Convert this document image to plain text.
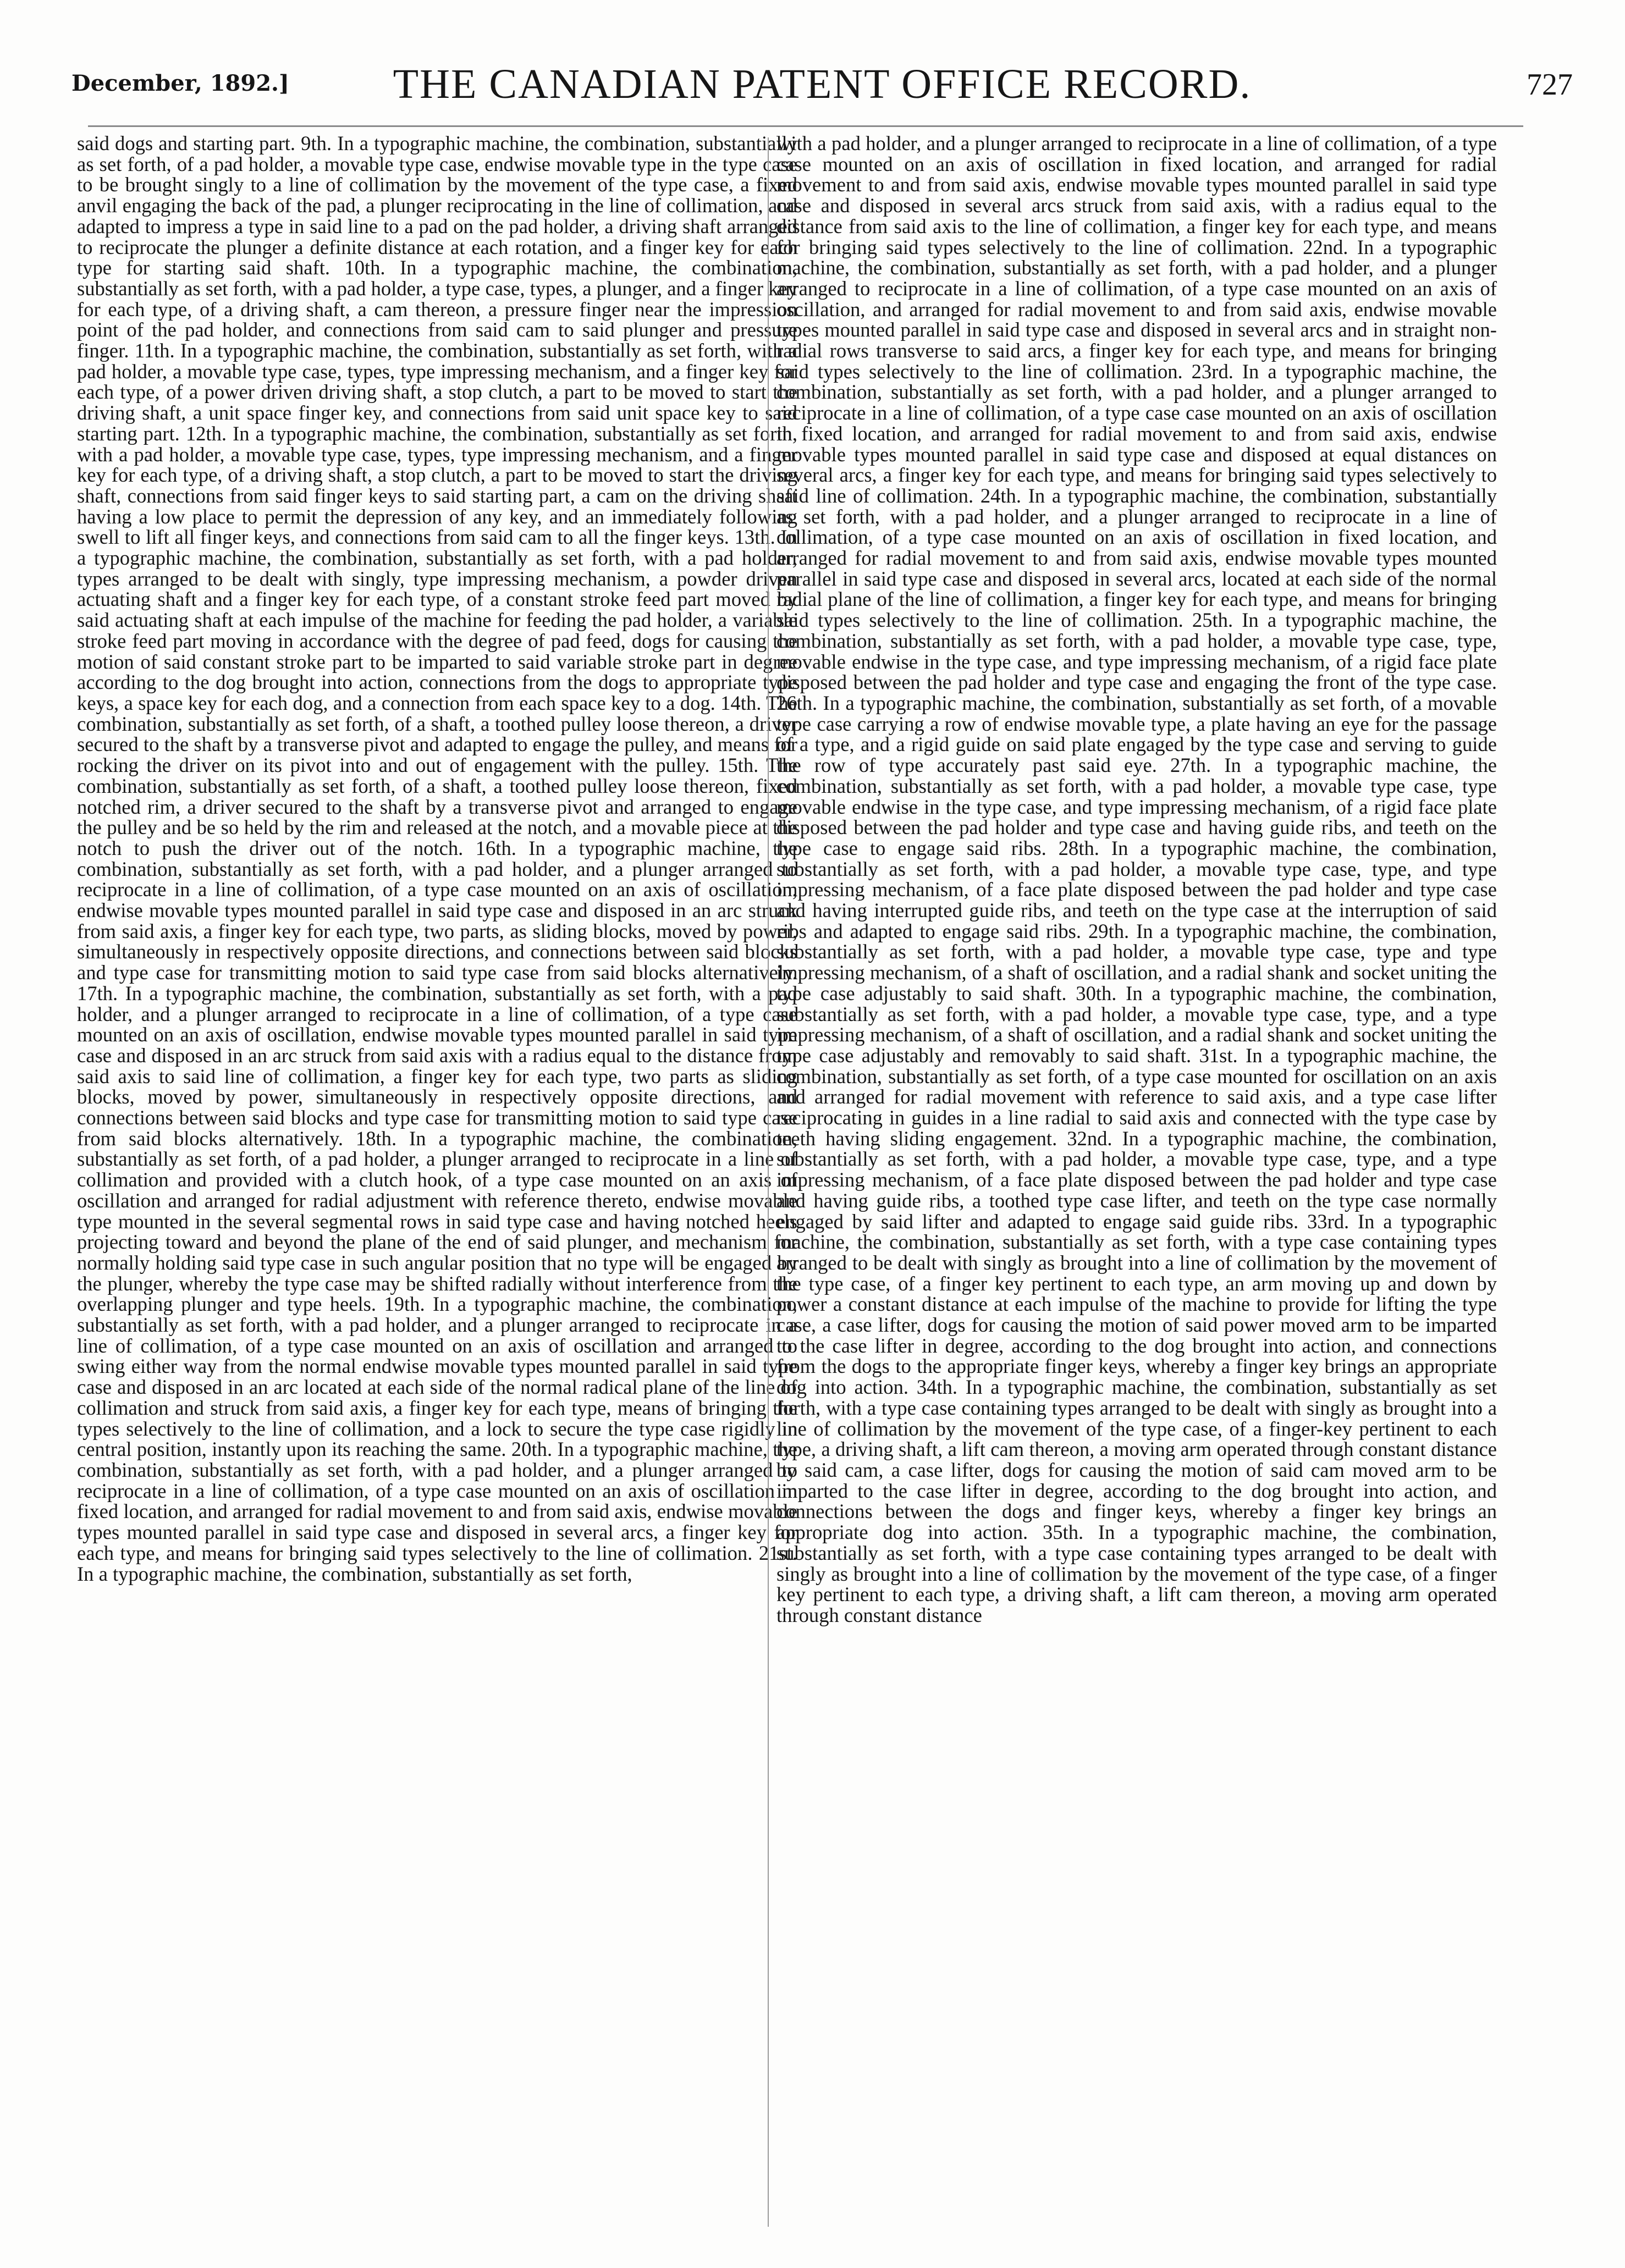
December, 1892.]	THE CANADIAN PATENT OFFICE RECORD.	727

said dogs and starting part. 9th. In a typographic machine, the combination, substantially as set forth, of a pad holder, a movable type case, endwise movable type in the type case to be brought singly to a line of collimation by the movement of the type case, a fixed anvil engaging the back of the pad, a plunger reciprocating in the line of collimation, and adapted to impress a type in said line to a pad on the pad holder, a driving shaft arranged to reciprocate the plunger a definite distance at each rotation, and a finger key for each type for starting said shaft. 10th. In a typographic machine, the combination, substantially as set forth, with a pad holder, a type case, types, a plunger, and a finger key for each type, of a driving shaft, a cam thereon, a pressure finger near the impression point of the pad holder, and connections from said cam to said plunger and pressure finger. 11th. In a typographic machine, the combination, substantially as set forth, with a pad holder, a movable type case, types, type impressing mechanism, and a finger key for each type, of a power driven driving shaft, a stop clutch, a part to be moved to start the driving shaft, a unit space finger key, and connections from said unit space key to said starting part. 12th. In a typographic machine, the combination, substantially as set forth, with a pad holder, a movable type case, types, type impressing mechanism, and a finger key for each type, of a driving shaft, a stop clutch, a part to be moved to start the driving shaft, connections from said finger keys to said starting part, a cam on the driving shaft having a low place to permit the depression of any key, and an immediately following swell to lift all finger keys, and connections from said cam to all the finger keys. 13th. In a typographic machine, the combination, substantially as set forth, with a pad holder, types arranged to be dealt with singly, type impressing mechanism, a powder driven actuating shaft and a finger key for each type, of a constant stroke feed part moved by said actuating shaft at each impulse of the machine for feeding the pad holder, a variable stroke feed part moving in accordance with the degree of pad feed, dogs for causing the motion of said constant stroke part to be imparted to said variable stroke part in degree according to the dog brought into action, connections from the dogs to appropriate type keys, a space key for each dog, and a connection from each space key to a dog. 14th. The combination, substantially as set forth, of a shaft, a toothed pulley loose thereon, a driver secured to the shaft by a transverse pivot and adapted to engage the pulley, and means for rocking the driver on its pivot into and out of engagement with the pulley. 15th. The combination, substantially as set forth, of a shaft, a toothed pulley loose thereon, fixed notched rim, a driver secured to the shaft by a transverse pivot and arranged to engage the pulley and be so held by the rim and released at the notch, and a movable piece at the notch to push the driver out of the notch. 16th. In a typographic machine, the combination, substantially as set forth, with a pad holder, and a plunger arranged to reciprocate in a line of collimation, of a type case mounted on an axis of oscillation, endwise movable types mounted parallel in said type case and disposed in an arc struck from said axis, a finger key for each type, two parts, as sliding blocks, moved by power, simultaneously in respectively opposite directions, and connections between said blocks and type case for transmitting motion to said type case from said blocks alternatively. 17th. In a typographic machine, the combination, substantially as set forth, with a pad holder, and a plunger arranged to reciprocate in a line of collimation, of a type case mounted on an axis of oscillation, endwise movable types mounted parallel in said type case and disposed in an arc struck from said axis with a radius equal to the distance from said axis to said line of collimation, a finger key for each type, two parts as sliding blocks, moved by power, simultaneously in respectively opposite directions, and connections between said blocks and type case for transmitting motion to said type case from said blocks alternatively. 18th. In a typographic machine, the combination, substantially as set forth, of a pad holder, a plunger arranged to reciprocate in a line of collimation and provided with a clutch hook, of a type case mounted on an axis of oscillation and arranged for radial adjustment with reference thereto, endwise movable type mounted in the several segmental rows in said type case and having notched heels projecting toward and beyond the plane of the end of said plunger, and mechanism for normally holding said type case in such angular position that no type will be engaged by the plunger, whereby the type case may be shifted radially without interference from the overlapping plunger and type heels. 19th. In a typographic machine, the combination, substantially as set forth, with a pad holder, and a plunger arranged to reciprocate in a line of collimation, of a type case mounted on an axis of oscillation and arranged to swing either way from the normal endwise movable types mounted parallel in said type case and disposed in an arc located at each side of the normal radical plane of the line of collimation and struck from said axis, a finger key for each type, means of bringing the types selectively to the line of collimation, and a lock to secure the type case rigidly in central position, instantly upon its reaching the same. 20th. In a typographic machine, the combination, substantially as set forth, with a pad holder, and a plunger arranged to reciprocate in a line of collimation, of a type case mounted on an axis of oscillation in fixed location, and arranged for radial movement to and from said axis, endwise movable types mounted parallel in said type case and disposed in several arcs, a finger key for each type, and means for bringing said types selectively to the line of collimation. 21st. In a typographic machine, the combination, substantially as set forth,

with a pad holder, and a plunger arranged to reciprocate in a line of collimation, of a type case mounted on an axis of oscillation in fixed location, and arranged for radial movement to and from said axis, endwise movable types mounted parallel in said type case and disposed in several arcs struck from said axis, with a radius equal to the distance from said axis to the line of collimation, a finger key for each type, and means for bringing said types selectively to the line of collimation. 22nd. In a typographic machine, the combination, substantially as set forth, with a pad holder, and a plunger arranged to reciprocate in a line of collimation, of a type case mounted on an axis of oscillation, and arranged for radial movement to and from said axis, endwise movable types mounted parallel in said type case and disposed in several arcs and in straight non-radial rows transverse to said arcs, a finger key for each type, and means for bringing said types selectively to the line of collimation. 23rd. In a typographic machine, the combination, substantially as set forth, with a pad holder, and a plunger arranged to reciprocate in a line of collimation, of a type case case mounted on an axis of oscillation in fixed location, and arranged for radial movement to and from said axis, endwise movable types mounted parallel in said type case and disposed at equal distances on several arcs, a finger key for each type, and means for bringing said types selectively to said line of collimation. 24th. In a typographic machine, the combination, substantially as set forth, with a pad holder, and a plunger arranged to reciprocate in a line of collimation, of a type case mounted on an axis of oscillation in fixed location, and arranged for radial movement to and from said axis, endwise movable types mounted parallel in said type case and disposed in several arcs, located at each side of the normal radial plane of the line of collimation, a finger key for each type, and means for bringing said types selectively to the line of collimation. 25th. In a typographic machine, the combination, substantially as set forth, with a pad holder, a movable type case, type, movable endwise in the type case, and type impressing mechanism, of a rigid face plate disposed between the pad holder and type case and engaging the front of the type case. 26th. In a typographic machine, the combination, substantially as set forth, of a movable type case carrying a row of endwise movable type, a plate having an eye for the passage of a type, and a rigid guide on said plate engaged by the type case and serving to guide the row of type accurately past said eye. 27th. In a typographic machine, the combination, substantially as set forth, with a pad holder, a movable type case, type movable endwise in the type case, and type impressing mechanism, of a rigid face plate disposed between the pad holder and type case and having guide ribs, and teeth on the type case to engage said ribs. 28th. In a typographic machine, the combination, substantially as set forth, with a pad holder, a movable type case, type, and type impressing mechanism, of a face plate disposed between the pad holder and type case and having interrupted guide ribs, and teeth on the type case at the interruption of said ribs and adapted to engage said ribs. 29th. In a typographic machine, the combination, substantially as set forth, with a pad holder, a movable type case, type and type impressing mechanism, of a shaft of oscillation, and a radial shank and socket uniting the type case adjustably to said shaft. 30th. In a typographic machine, the combination, substantially as set forth, with a pad holder, a movable type case, type, and a type impressing mechanism, of a shaft of oscillation, and a radial shank and socket uniting the type case adjustably and removably to said shaft. 31st. In a typographic machine, the combination, substantially as set forth, of a type case mounted for oscillation on an axis and arranged for radial movement with reference to said axis, and a type case lifter reciprocating in guides in a line radial to said axis and connected with the type case by teeth having sliding engagement. 32nd. In a typographic machine, the combination, substantially as set forth, with a pad holder, a movable type case, type, and a type impressing mechanism, of a face plate disposed between the pad holder and type case and having guide ribs, a toothed type case lifter, and teeth on the type case normally engaged by said lifter and adapted to engage said guide ribs. 33rd. In a typographic machine, the combination, substantially as set forth, with a type case containing types arranged to be dealt with singly as brought into a line of collimation by the movement of the type case, of a finger key pertinent to each type, an arm moving up and down by power a constant distance at each impulse of the machine to provide for lifting the type case, a case lifter, dogs for causing the motion of said power moved arm to be imparted to the case lifter in degree, according to the dog brought into action, and connections from the dogs to the appropriate finger keys, whereby a finger key brings an appropriate dog into action. 34th. In a typographic machine, the combination, substantially as set forth, with a type case containing types arranged to be dealt with singly as brought into a line of collimation by the movement of the type case, of a finger-key pertinent to each type, a driving shaft, a lift cam thereon, a moving arm operated through constant distance by said cam, a case lifter, dogs for causing the motion of said cam moved arm to be imparted to the case lifter in degree, according to the dog brought into action, and connections between the dogs and finger keys, whereby a finger key brings an appropriate dog into action. 35th. In a typographic machine, the combination, substantially as set forth, with a type case containing types arranged to be dealt with singly as brought into a line of collimation by the movement of the type case, of a finger key pertinent to each type, a driving shaft, a lift cam thereon, a moving arm operated through constant distance
